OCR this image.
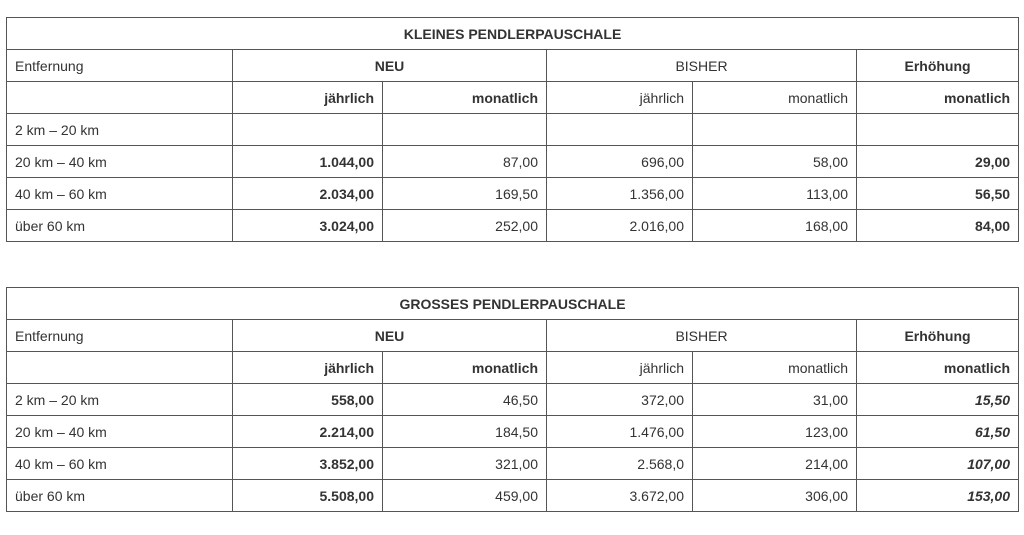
KLEINES PENDLERPAUSCHALE					
Entfernung	NEU		BISHER		Erhöhung
	jährlich	monatlich	jährlich	monatlich	monatlich
2 km – 20 km					
20 km – 40 km	1.044,00	87,00	696,00	58,00	29,00
40 km – 60 km	2.034,00	169,50	1.356,00	113,00	56,50
über 60 km	3.024,00	252,00	2.016,00	168,00	84,00
GROSSES PENDLERPAUSCHALE					
Entfernung	NEU		BISHER		Erhöhung
	jährlich	monatlich	jährlich	monatlich	monatlich
2 km – 20 km	558,00	46,50	372,00	31,00	15,50
20 km – 40 km	2.214,00	184,50	1.476,00	123,00	61,50
40 km – 60 km	3.852,00	321,00	2.568,0	214,00	107,00
über 60 km	5.508,00	459,00	3.672,00	306,00	153,00
